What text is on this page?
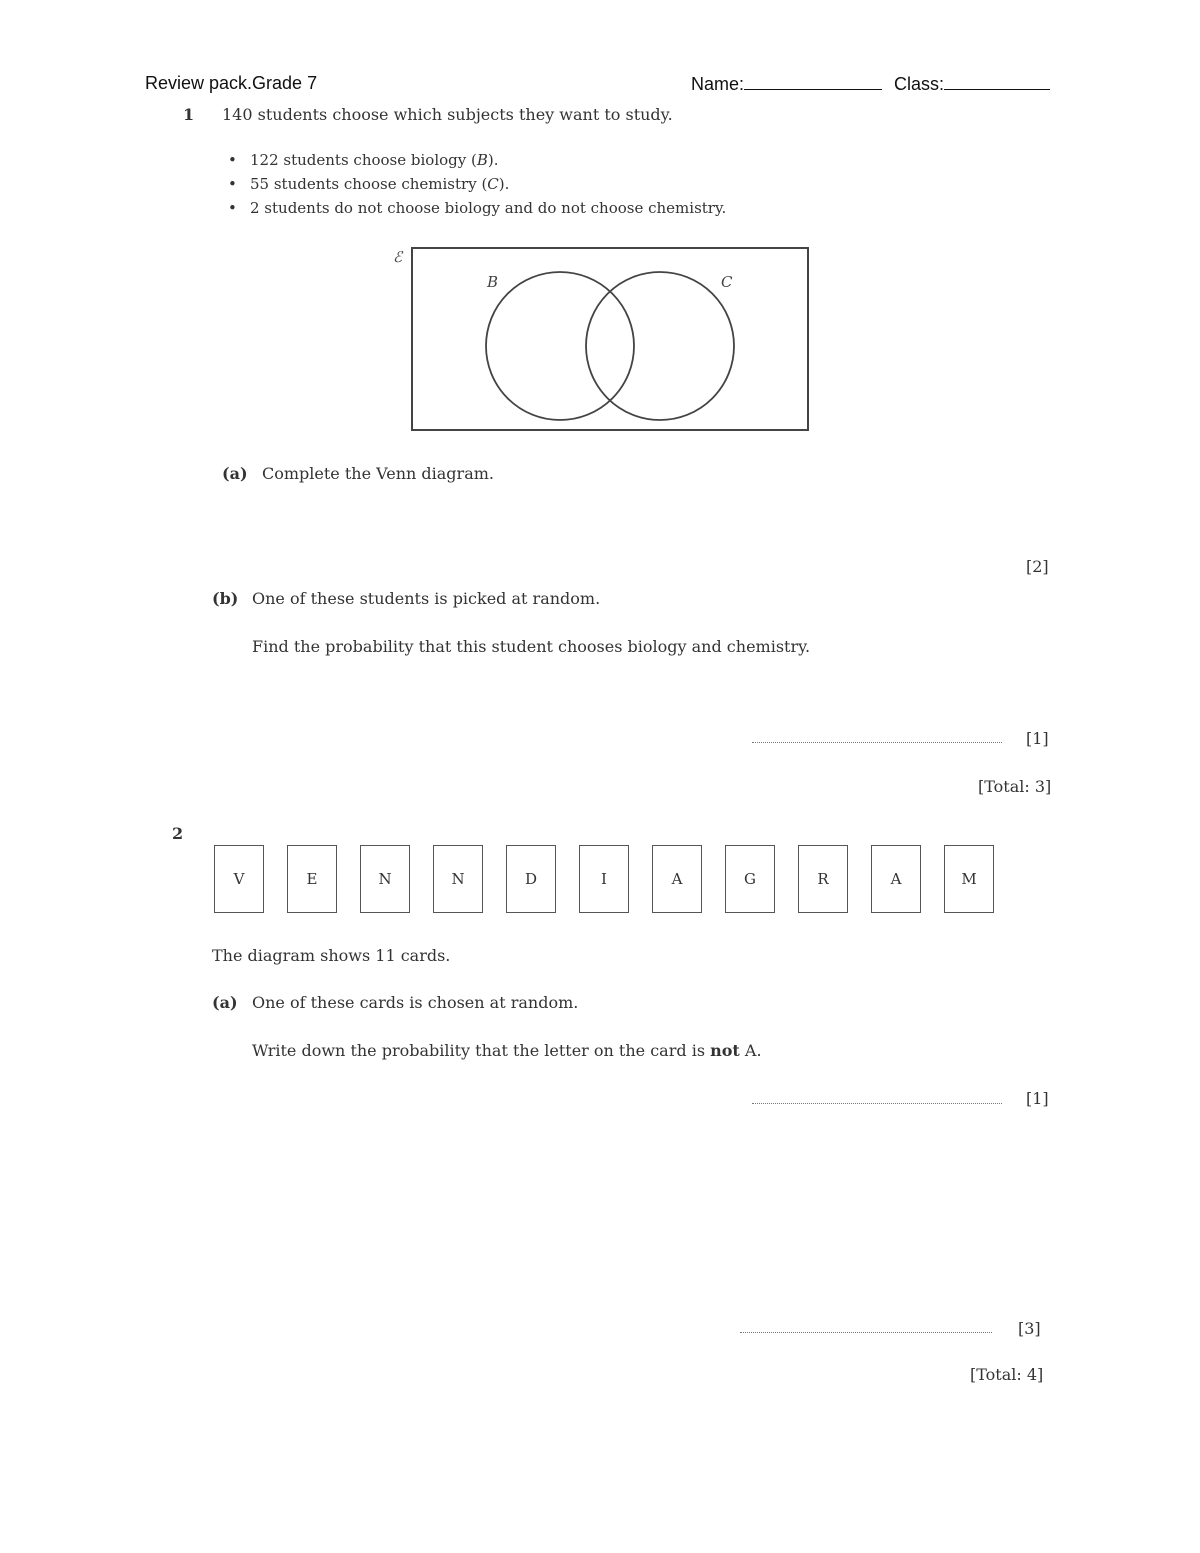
Review pack.Grade 7	Name:	Class:
1 140 students choose which subjects they want to study.
• 122 students choose biology (B).
• 55 students choose chemistry (C).
• 2 students do not choose biology and do not choose chemistry.
ℰ
B	C
(a) Complete the Venn diagram.
[2]
(b) One of these students is picked at random.
Find the probability that this student chooses biology and chemistry.
[1]
[Total: 3]
2
V	E	N	N	D	I	A	G	R	A	M
The diagram shows 11 cards.
(a) One of these cards is chosen at random.
Write down the probability that the letter on the card is not A.
[1]
[3]
[Total: 4]
